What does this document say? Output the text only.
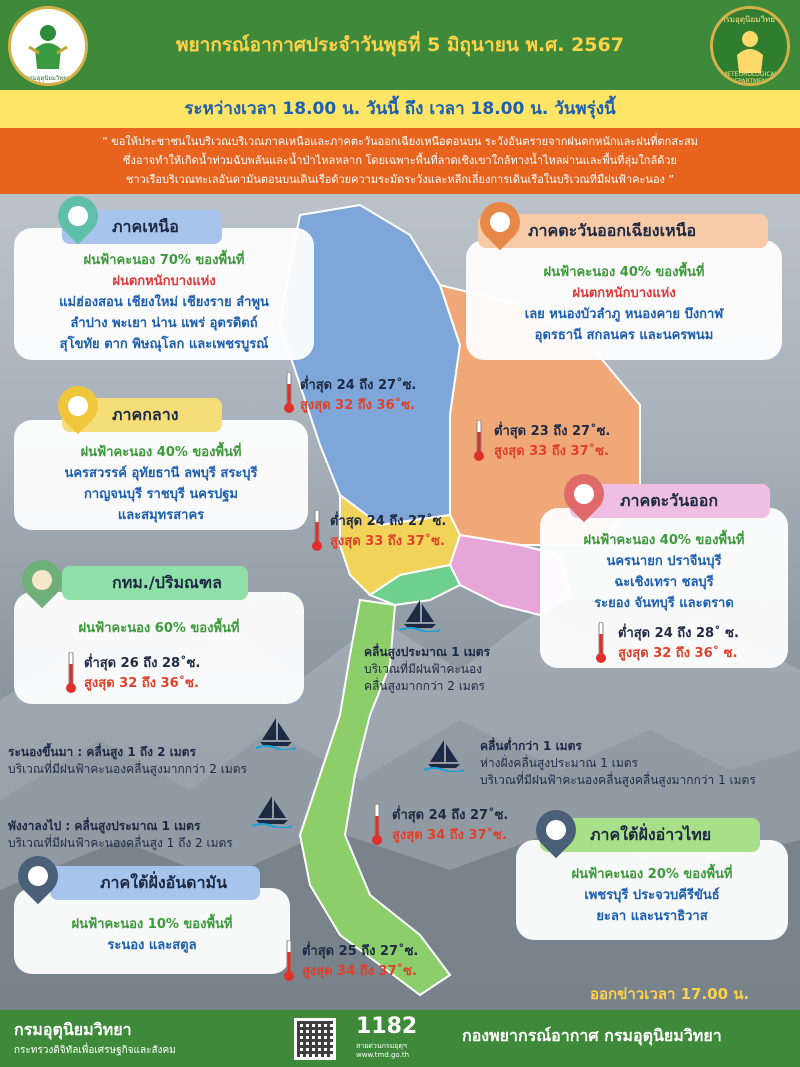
กรมอุตุนิยมวิทยา
พยากรณ์อากาศประจำวันพุธที่ 5 มิถุนายน พ.ศ. 2567
กรมอุตุนิยมวิทยา
METEOROLOGICAL DEPARTMENT
ระหว่างเวลา 18.00 น. วันนี้ ถึง เวลา 18.00 น. วันพรุ่งนี้
“ ขอให้ประชาชนในบริเวณบริเวณภาคเหนือและภาคตะวันออกเฉียงเหนือตอนบน ระวังอันตรายจากฝนตกหนักและฝนที่ตกสะสม
ซึ่งอาจทำให้เกิดน้ำท่วมฉับพลันและน้ำป่าไหลหลาก โดยเฉพาะพื้นที่ลาดเชิงเขาใกล้ทางน้ำไหลผ่านและพื้นที่ลุ่มใกล้ด้วย
ชาวเรือบริเวณทะเลอันดามันตอนบนเดินเรือด้วยความระมัดระวังและหลีกเลี่ยงการเดินเรือในบริเวณที่มีฝนฟ้าคะนอง ”
ฝนฟ้าคะนอง 70% ของพื้นที่
ฝนตกหนักบางแห่ง
แม่ฮ่องสอน เชียงใหม่ เชียงราย ลำพูน
ลำปาง พะเยา น่าน แพร่ อุตรดิตถ์
สุโขทัย ตาก พิษณุโลก และเพชรบูรณ์
ภาคเหนือ
ต่ำสุด 24 ถึง 27˚ซ.
สูงสุด 32 ถึง 36˚ซ.
ฝนฟ้าคะนอง 40% ของพื้นที่
ฝนตกหนักบางแห่ง
เลย หนองบัวลำภู หนองคาย บึงกาฬ
อุดรธานี สกลนคร และนครพนม
ภาคตะวันออกเฉียงเหนือ
ต่ำสุด 23 ถึง 27˚ซ.
สูงสุด 33 ถึง 37˚ซ.
ฝนฟ้าคะนอง 40% ของพื้นที่
นครสวรรค์ อุทัยธานี ลพบุรี สระบุรี
กาญจนบุรี ราชบุรี นครปฐม
และสมุทรสาคร
ภาคกลาง
ต่ำสุด 24 ถึง 27˚ซ.
สูงสุด 33 ถึง 37˚ซ.	ฝนฟ้าคะนอง 40% ของพื้นที่
นครนายก ปราจีนบุรี
ฉะเชิงเทรา ชลบุรี
ระยอง จันทบุรี และตราด
ภาคตะวันออก
ต่ำสุด 24 ถึง 28˚ ซ.
สูงสุด 32 ถึง 36˚ ซ.
ฝนฟ้าคะนอง 60% ของพื้นที่
กทม./ปริมณฑล
ต่ำสุด 26 ถึง 28˚ซ.
สูงสุด 32 ถึง 36˚ซ.
คลื่นสูงประมาณ 1 เมตร
บริเวณที่มีฝนฟ้าคะนอง
คลื่นสูงมากกว่า 2 เมตร
ระนองขึ้นมา : คลื่นสูง 1 ถึง 2 เมตร
บริเวณที่มีฝนฟ้าคะนองคลื่นสูงมากกว่า 2 เมตร
คลื่นต่ำกว่า 1 เมตร
ห่างฝั่งคลื่นสูงประมาณ 1 เมตร
บริเวณที่มีฝนฟ้าคะนองคลื่นสูงคลื่นสูงมากกว่า 1 เมตร
พังงาลงไป : คลื่นสูงประมาณ 1 เมตร
บริเวณที่มีฝนฟ้าคะนองคลื่นสูง 1 ถึง 2 เมตร
ต่ำสุด 24 ถึง 27˚ซ.
สูงสุด 34 ถึง 37˚ซ.
ฝนฟ้าคะนอง 20% ของพื้นที่
เพชรบุรี ประจวบคีรีขันธ์
ยะลา และนราธิวาส
ภาคใต้ฝั่งอ่าวไทย
ฝนฟ้าคะนอง 10% ของพื้นที่
ระนอง และสตูล
ภาคใต้ฝั่งอันดามัน
ต่ำสุด 25 ถึง 27˚ซ.
สูงสุด 34 ถึง 37˚ซ.
ออกข่าวเวลา 17.00 น.
กรมอุตุนิยมวิทยา
กระทรวงดิจิทัลเพื่อเศรษฐกิจและสังคม
1182
สายด่วนกรมอุตุฯ
www.tmd.go.th
กองพยากรณ์อากาศ กรมอุตุนิยมวิทยา
